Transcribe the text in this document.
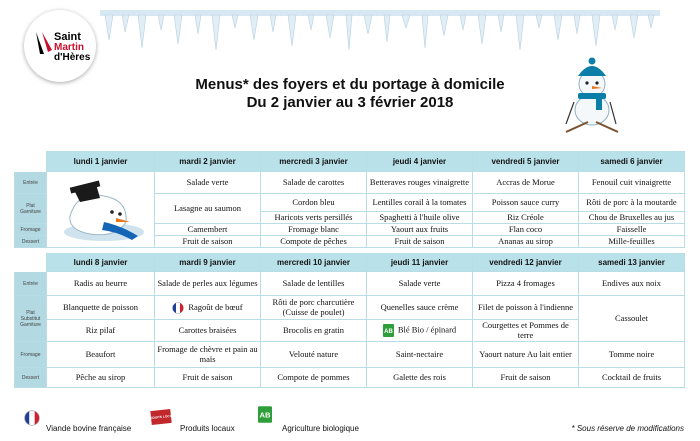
Saint
Martin
d'Hères
Menus* des foyers et du portage à domicile
Du 2 janvier au 3 février 2018
	lundi 1 janvier	mardi 2 janvier	mercredi 3 janvier	jeudi 4 janvier	vendredi 5 janvier	samedi 6 janvier
Entrée		Salade verte	Salade de carottes	Betteraves rouges vinaigrette	Accras de Morue	Fenouil cuit vinaigrette
Plat Garniture		Lasagne au saumon	Cordon bleu	Lentilles corail à la tomates	Poisson sauce curry	Rôti de porc à la moutarde
			Haricots verts persillés	Spaghetti à l'huile olive	Riz Créole	Chou de Bruxelles au jus
Fromage		Camembert	Fromage blanc	Yaourt aux fruits	Flan coco	Faisselle
Dessert		Fruit de saison	Compote de pêches	Fruit de saison	Ananas au sirop	Mille-feuilles
	lundi 8 janvier	mardi 9 janvier	mercredi 10 janvier	jeudi 11 janvier	vendredi 12 janvier	samedi 13 janvier
Entrée	Radis au beurre	Salade de perles aux légumes	Salade de lentilles	Salade verte	Pizza 4 fromages	Endives aux noix
Plat Substitut Garniture	Blanquette de poisson	Ragoût de bœuf	Rôti de porc charcutière (Cuisse de poulet)	Quenelles sauce crème	Filet de poisson à l'indienne	Cassoulet
	Riz pilaf	Carottes braisées	Brocolis en gratin	AB Blé Bio / épinard	Courgettes et Pommes de terre	
Fromage	Beaufort	Fromage de chèvre et pain au maïs	Velouté nature	Saint-nectaire	Yaourt nature Au lait entier	Tomme noire
Dessert	Pêche au sirop	Fruit de saison	Compote de pommes	Galette des rois	Fruit de saison	Cocktail de fruits
Viande bovine française
PRODUITS LOCAUX
Produits locaux
AB
Agriculture biologique	* Sous réserve de modifications
